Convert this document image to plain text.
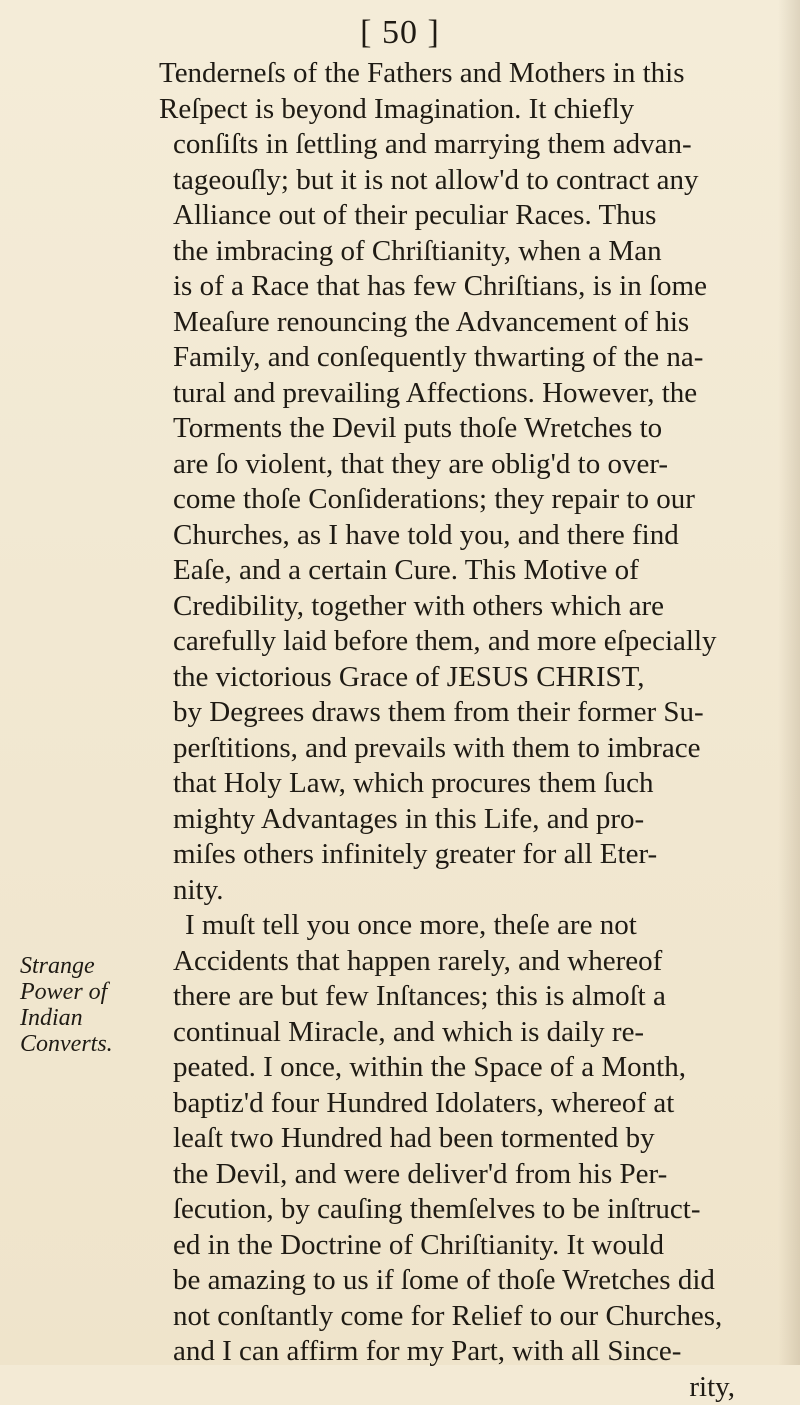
[ 50 ]
Strange
Power of
Indian
Converts.
Tenderneſs of the Fathers and Mothers in this
Reſpect is beyond Imagination. It chiefly
conſiſts in ſettling and marrying them advan-
tageouſly; but it is not allow'd to contract any
Alliance out of their peculiar Races. Thus
the imbracing of Chriſtianity, when a Man
is of a Race that has few Chriſtians, is in ſome
Meaſure renouncing the Advancement of his
Family, and conſequently thwarting of the na-
tural and prevailing Affections. However, the
Torments the Devil puts thoſe Wretches to
are ſo violent, that they are oblig'd to over-
come thoſe Conſiderations; they repair to our
Churches, as I have told you, and there find
Eaſe, and a certain Cure. This Motive of
Credibility, together with others which are
carefully laid before them, and more eſpecially
the victorious Grace of JESUS CHRIST,
by Degrees draws them from their former Su-
perſtitions, and prevails with them to imbrace
that Holy Law, which procures them ſuch
mighty Advantages in this Life, and pro-
miſes others infinitely greater for all Eter-
nity.
I muſt tell you once more, theſe are not
Accidents that happen rarely, and whereof
there are but few Inſtances; this is almoſt a
continual Miracle, and which is daily re-
peated. I once, within the Space of a Month,
baptiz'd four Hundred Idolaters, whereof at
leaſt two Hundred had been tormented by
the Devil, and were deliver'd from his Per-
ſecution, by cauſing themſelves to be inſtruct-
ed in the Doctrine of Chriſtianity. It would
be amazing to us if ſome of thoſe Wretches did
not conſtantly come for Relief to our Churches,
and I can affirm for my Part, with all Since-
rity,
